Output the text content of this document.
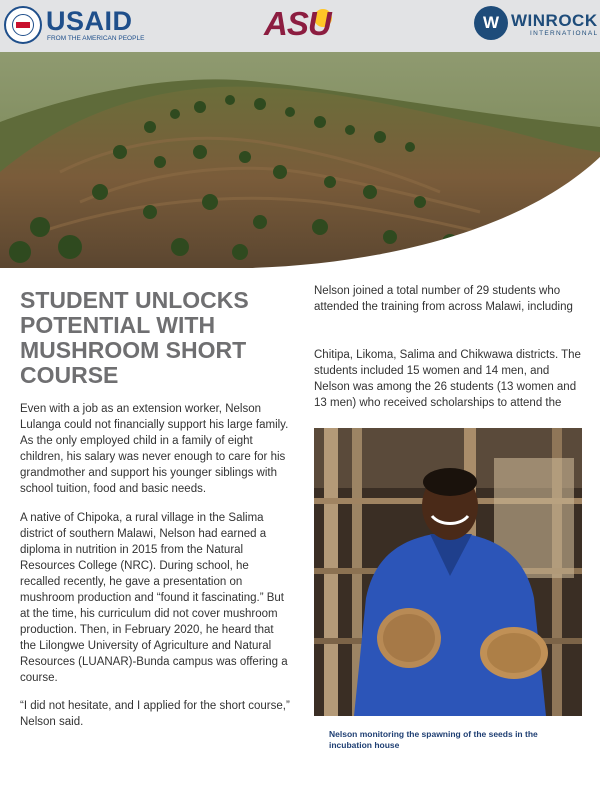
USAID
FROM THE AMERICAN PEOPLE	ASU	W WINROCK
INTERNATIONAL
STUDENT UNLOCKS POTENTIAL WITH MUSHROOM SHORT COURSE

Even with a job as an extension worker, Nelson Lulanga could not financially support his large family. As the only employed child in a family of eight children, his salary was never enough to care for his grandmother and support his younger siblings with school tuition, food and basic needs.

A native of Chipoka, a rural village in the Salima district of southern Malawi, Nelson had earned a diploma in nutrition in 2015 from the Natural Resources College (NRC). During school, he recalled recently, he gave a presentation on mushroom production and “found it fascinating.” But at the time, his curriculum did not cover mushroom production. Then, in February 2020, he heard that the Lilongwe University of Agriculture and Natural Resources (LUANAR)-Bunda campus was offering a course.

“I did not hesitate, and I applied for the short course,” Nelson said.

Nelson joined a total number of 29 students who attended the training from across Malawi, including

Chitipa, Likoma, Salima and Chikwawa districts. The students included 15 women and 14 men, and Nelson was among the 26 students (13 women and 13 men) who received scholarships to attend the

Nelson monitoring the spawning of the seeds in the incubation house
